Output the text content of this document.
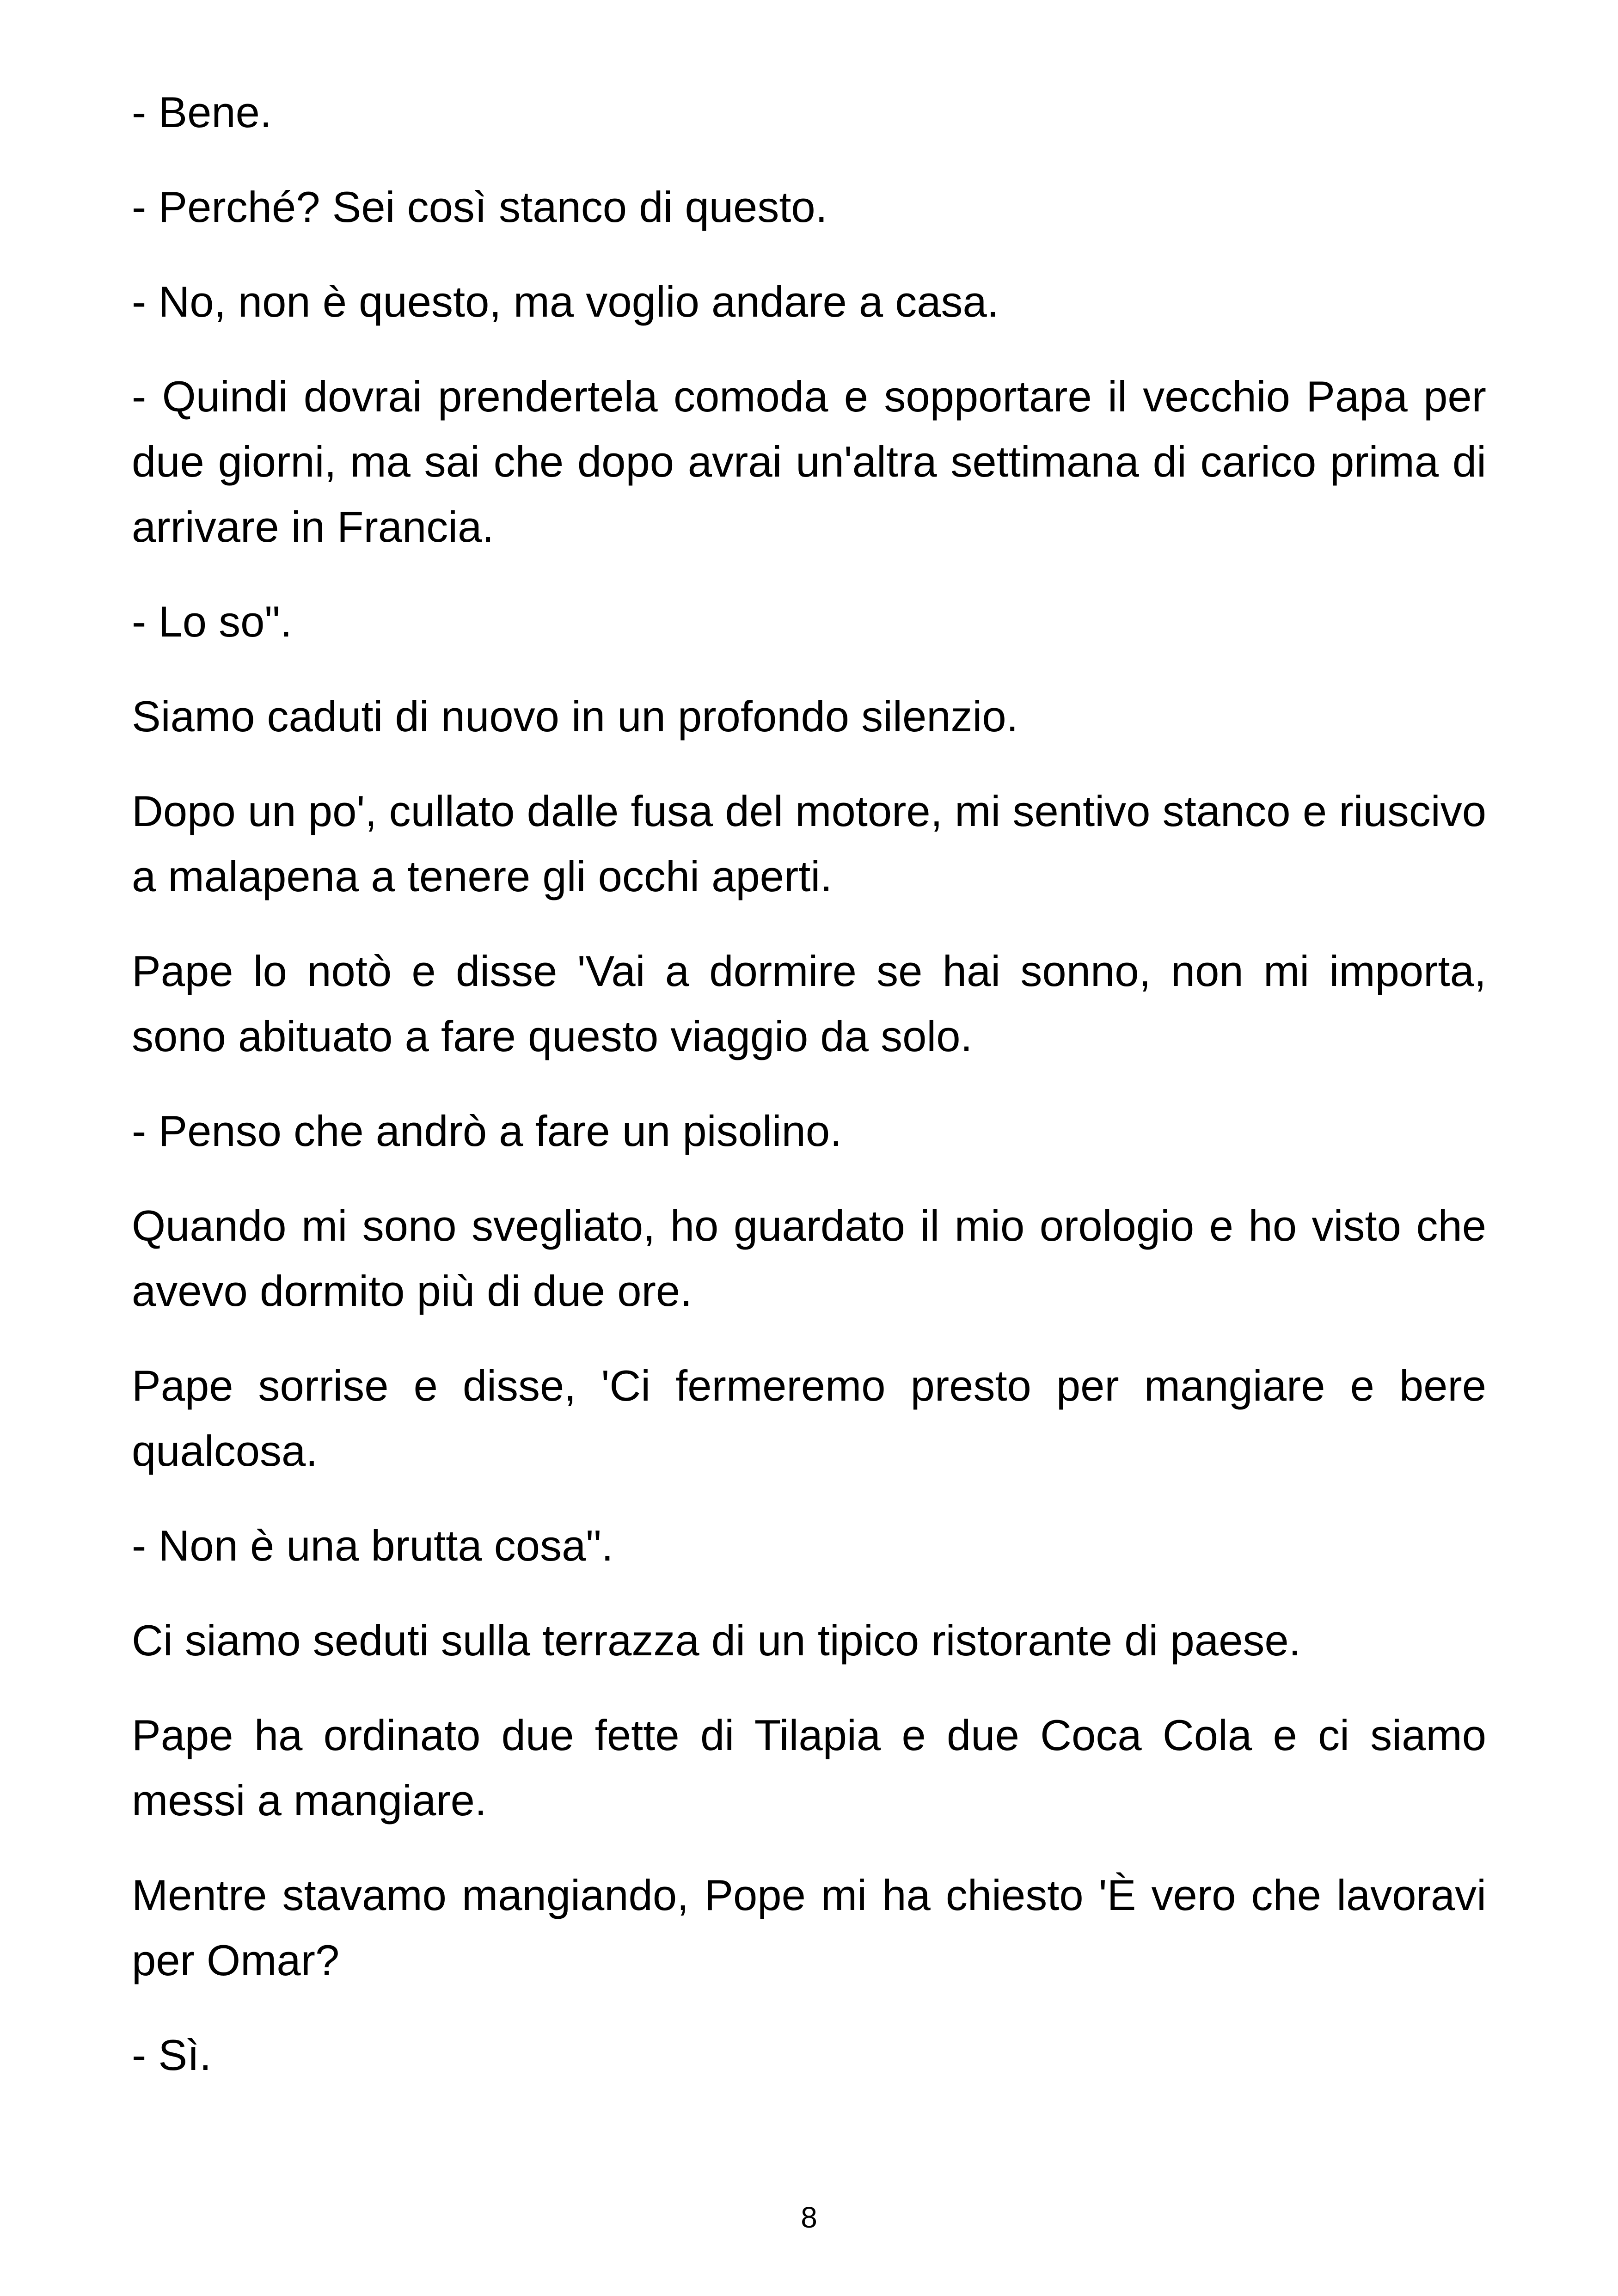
- Bene.

- Perché? Sei così stanco di questo.

- No, non è questo, ma voglio andare a casa.

- Quindi dovrai prendertela comoda e sopportare il vecchio Papa per due giorni, ma sai che dopo avrai un'altra settimana di carico prima di arrivare in Francia.

- Lo so".

Siamo caduti di nuovo in un profondo silenzio.

Dopo un po', cullato dalle fusa del motore, mi sentivo stanco e riuscivo a malapena a tenere gli occhi aperti.

Pape lo notò e disse 'Vai a dormire se hai sonno, non mi importa, sono abituato a fare questo viaggio da solo.

- Penso che andrò a fare un pisolino.

Quando mi sono svegliato, ho guardato il mio orologio e ho visto che avevo dormito più di due ore.

Pape sorrise e disse, 'Ci fermeremo presto per mangiare e bere qualcosa.

- Non è una brutta cosa".

Ci siamo seduti sulla terrazza di un tipico ristorante di paese.

Pape ha ordinato due fette di Tilapia e due Coca Cola e ci siamo messi a mangiare.

Mentre stavamo mangiando, Pope mi ha chiesto 'È vero che lavoravi per Omar?

- Sì.

8
